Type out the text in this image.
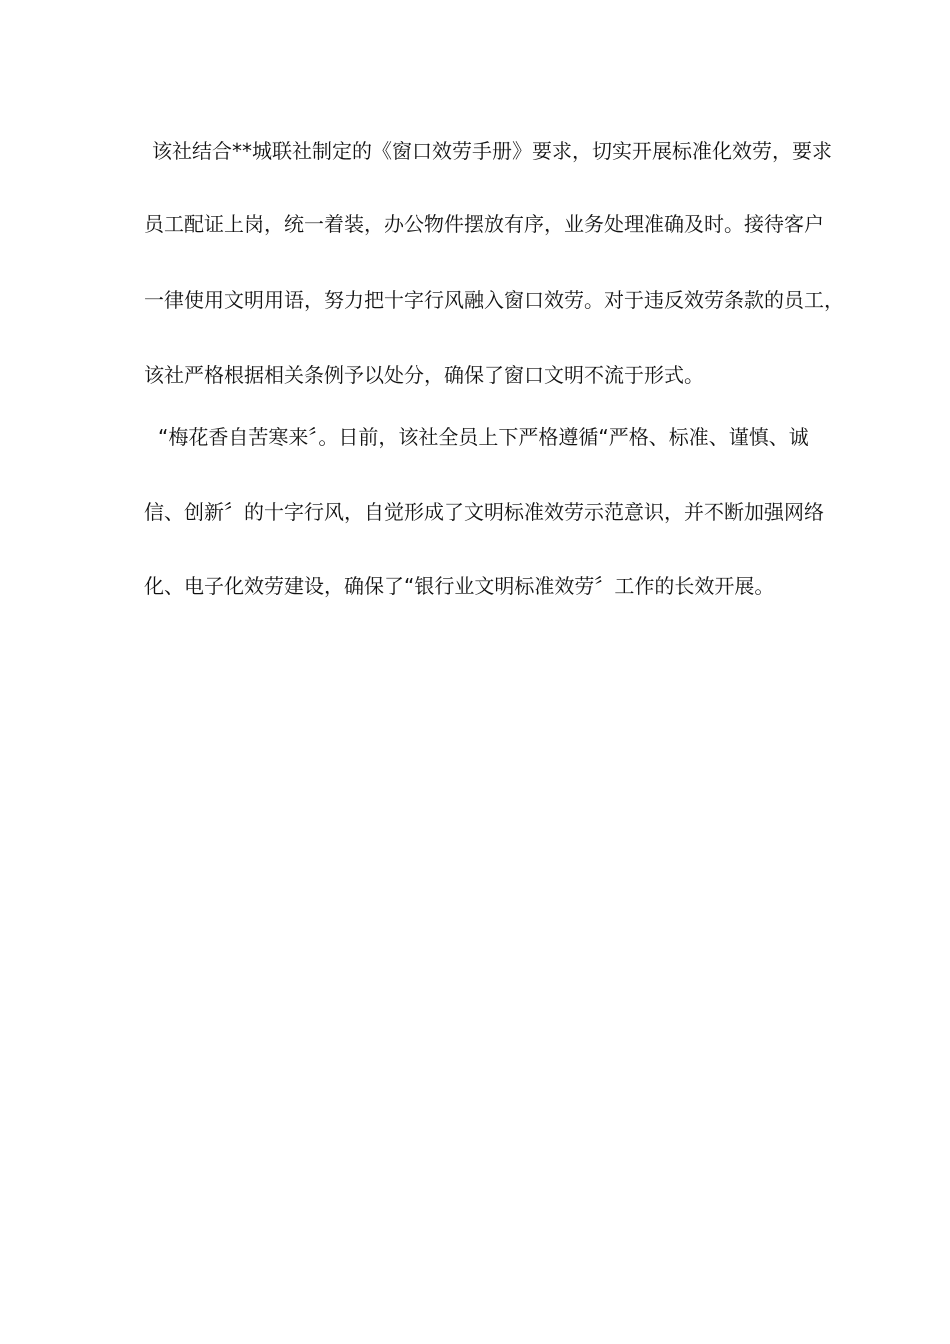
该社结合**城联社制定的《窗口效劳手册》要求，切实开展标准化效劳，要求
员工配证上岗，统一着装，办公物件摆放有序，业务处理准确及时。接待客户
一律使用文明用语，努力把十字行风融入窗口效劳。对于违反效劳条款的员工，
该社严格根据相关条例予以处分，确保了窗口文明不流于形式。
“梅花香自苦寒来〞。日前，该社全员上下严格遵循“严格、标准、谨慎、诚
信、创新〞的十字行风，自觉形成了文明标准效劳示范意识，并不断加强网络
化、电子化效劳建设，确保了“银行业文明标准效劳〞工作的长效开展。
